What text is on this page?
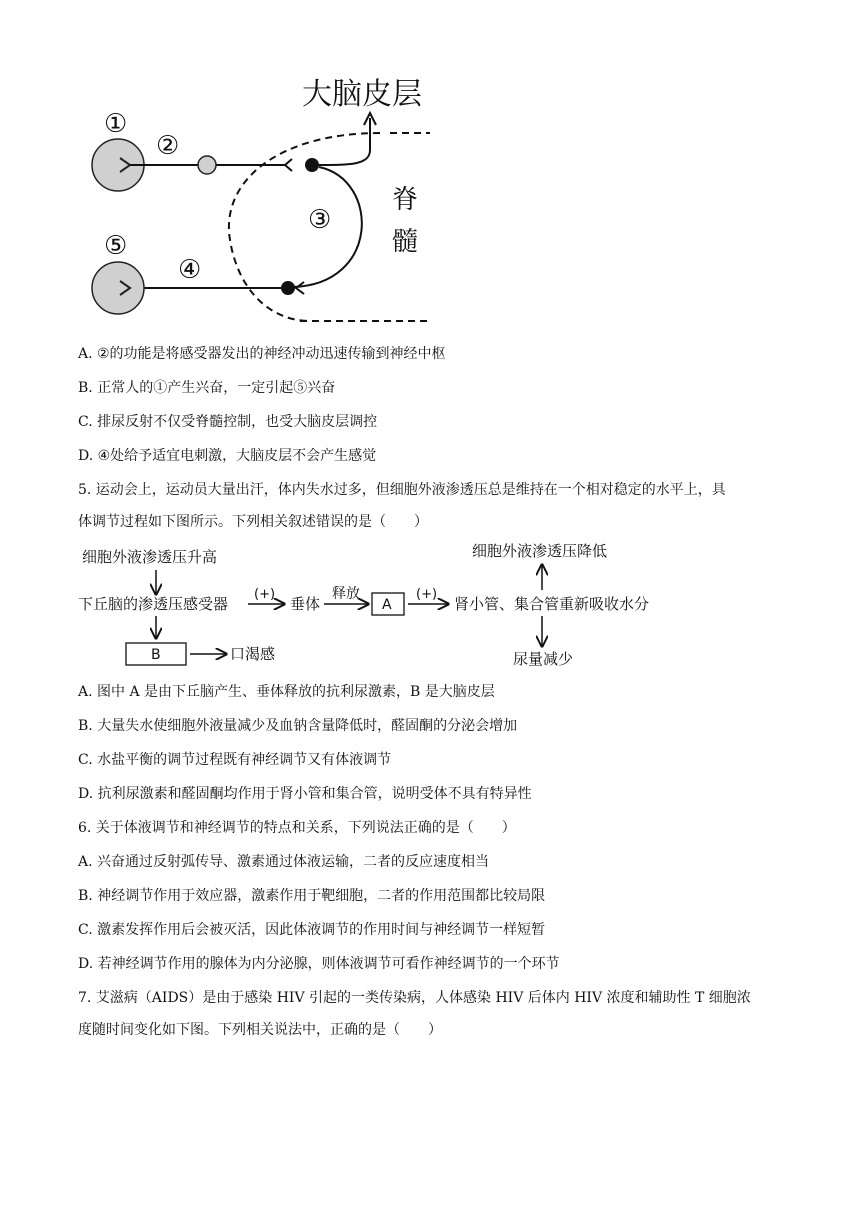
大脑皮层
①
②
③
脊
髓
④
⑤
A. ②的功能是将感受器发出的神经冲动迅速传输到神经中枢
B. 正常人的①产生兴奋，一定引起⑤兴奋
C. 排尿反射不仅受脊髓控制，也受大脑皮层调控
D. ④处给予适宜电刺激，大脑皮层不会产生感觉
5. 运动会上，运动员大量出汗，体内失水过多，但细胞外液渗透压总是维持在一个相对稳定的水平上，具
体调节过程如下图所示。下列相关叙述错误的是（　　）
细胞外液渗透压升高
下丘脑的渗透压感受器
(+)
垂体
释放
A
(+)
肾小管、集合管重新吸收水分
细胞外液渗透压降低
尿量减少
B	口渴感
A. 图中 A 是由下丘脑产生、垂体释放的抗利尿激素，B 是大脑皮层
B. 大量失水使细胞外液量减少及血钠含量降低时，醛固酮的分泌会增加
C. 水盐平衡的调节过程既有神经调节又有体液调节
D. 抗利尿激素和醛固酮均作用于肾小管和集合管，说明受体不具有特异性
6. 关于体液调节和神经调节的特点和关系，下列说法正确的是（　　）
A. 兴奋通过反射弧传导、激素通过体液运输，二者的反应速度相当
B. 神经调节作用于效应器，激素作用于靶细胞，二者的作用范围都比较局限
C. 激素发挥作用后会被灭活，因此体液调节的作用时间与神经调节一样短暂
D. 若神经调节作用的腺体为内分泌腺，则体液调节可看作神经调节的一个环节
7. 艾滋病（AIDS）是由于感染 HIV 引起的一类传染病，人体感染 HIV 后体内 HIV 浓度和辅助性 T 细胞浓
度随时间变化如下图。下列相关说法中，正确的是（　　）
